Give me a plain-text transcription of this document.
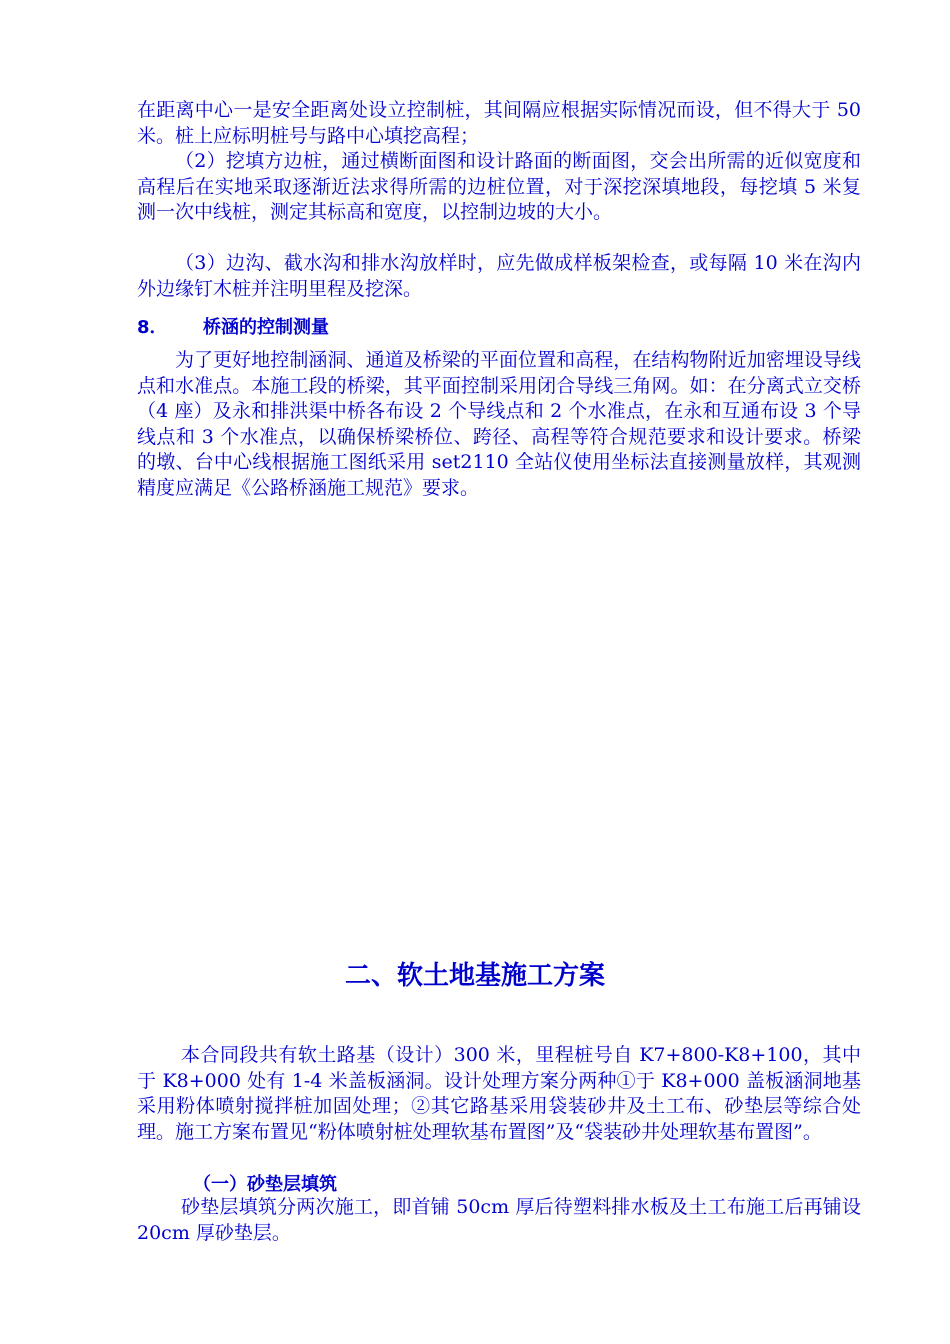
在距离中心一是安全距离处设立控制桩，其间隔应根据实际情况而设，但不得大于 50 米。桩上应标明桩号与路中心填挖高程；

（2）挖填方边桩，通过横断面图和设计路面的断面图，交会出所需的近似宽度和高程后在实地采取逐渐近法求得所需的边桩位置，对于深挖深填地段，每挖填 5 米复测一次中线桩，测定其标高和宽度，以控制边坡的大小。

（3）边沟、截水沟和排水沟放样时，应先做成样板架检查，或每隔 10 米在沟内外边缘钉木桩并注明里程及挖深。

8． 桥涵的控制测量

为了更好地控制涵洞、通道及桥梁的平面位置和高程，在结构物附近加密埋设导线点和水准点。本施工段的桥梁，其平面控制采用闭合导线三角网。如：在分离式立交桥（4 座）及永和排洪渠中桥各布设 2 个导线点和 2 个水准点，在永和互通布设 3 个导线点和 3 个水准点，以确保桥梁桥位、跨径、高程等符合规范要求和设计要求。桥梁的墩、台中心线根据施工图纸采用 set2110 全站仪使用坐标法直接测量放样，其观测精度应满足《公路桥涵施工规范》要求。

二、软土地基施工方案

本合同段共有软土路基（设计）300 米，里程桩号自 K7+800-K8+100，其中于 K8+000 处有 1-4 米盖板涵洞。设计处理方案分两种①于 K8+000 盖板涵洞地基采用粉体喷射搅拌桩加固处理；②其它路基采用袋装砂井及土工布、砂垫层等综合处理。施工方案布置见“粉体喷射桩处理软基布置图”及“袋装砂井处理软基布置图”。

（一）砂垫层填筑

砂垫层填筑分两次施工，即首铺 50cm 厚后待塑料排水板及土工布施工后再铺设 20cm 厚砂垫层。
